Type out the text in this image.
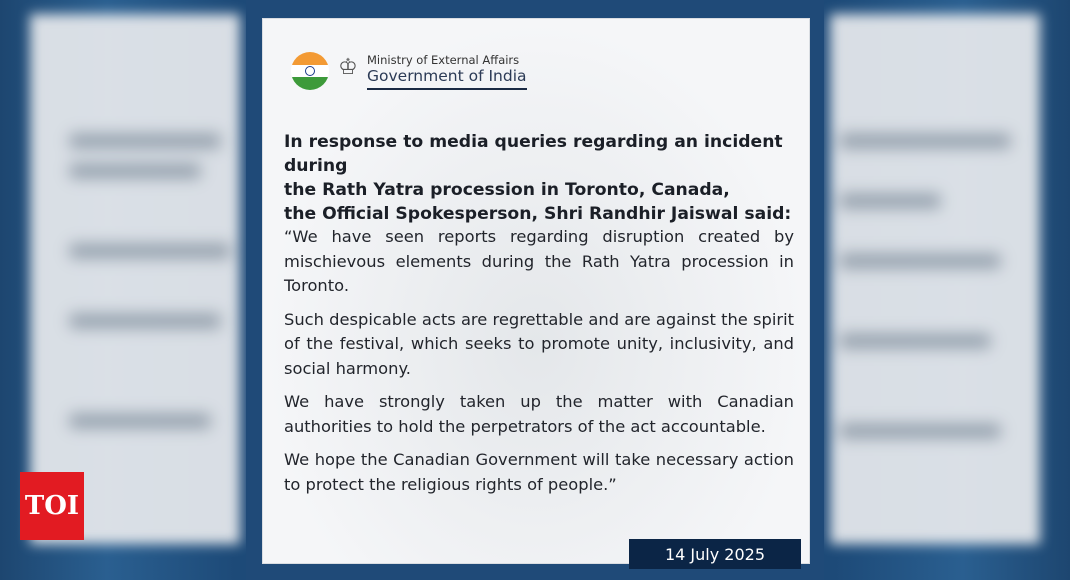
♔ Ministry of External Affairs
Government of India
In response to media queries regarding an incident during
the Rath Yatra procession in Toronto, Canada,
the Official Spokesperson, Shri Randhir Jaiswal said:

“We have seen reports regarding disruption created by mischievous elements during the Rath Yatra procession in Toronto.

Such despicable acts are regrettable and are against the spirit of the festival, which seeks to promote unity, inclusivity, and social harmony.

We have strongly taken up the matter with Canadian authorities to hold the perpetrators of the act accountable.

We hope the Canadian Government will take necessary action to protect the religious rights of people.”

14 July 2025
TOI
